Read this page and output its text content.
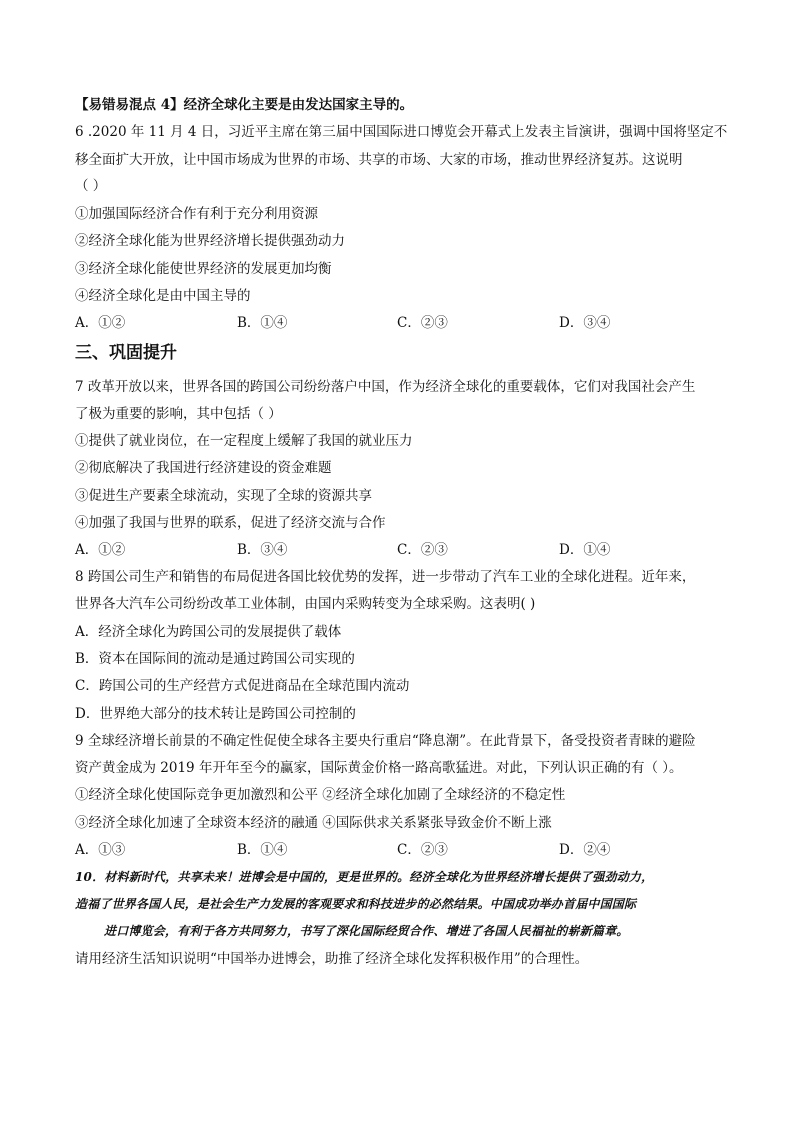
【易错易混点 4】经济全球化主要是由发达国家主导的。
6 .2020 年 11 月 4 日，习近平主席在第三届中国国际进口博览会开幕式上发表主旨演讲，强调中国将坚定不
移全面扩大开放，让中国市场成为世界的市场、共享的市场、大家的市场，推动世界经济复苏。这说明
（ ）
①加强国际经济合作有利于充分利用资源
②经济全球化能为世界经济增长提供强劲动力
③经济全球化能使世界经济的发展更加均衡
④经济全球化是由中国主导的
A．①②	B．①④	C．②③	D．③④
三、巩固提升
7 改革开放以来，世界各国的跨国公司纷纷落户中国，作为经济全球化的重要载体，它们对我国社会产生
了极为重要的影响，其中包括（ ）
①提供了就业岗位，在一定程度上缓解了我国的就业压力
②彻底解决了我国进行经济建设的资金难题
③促进生产要素全球流动，实现了全球的资源共享
④加强了我国与世界的联系，促进了经济交流与合作
A．①②	B．③④	C．②③	D．①④
8 跨国公司生产和销售的布局促进各国比较优势的发挥，进一步带动了汽车工业的全球化进程。近年来，
世界各大汽车公司纷纷改革工业体制，由国内采购转变为全球采购。这表明( )
A．经济全球化为跨国公司的发展提供了载体
B．资本在国际间的流动是通过跨国公司实现的
C．跨国公司的生产经营方式促进商品在全球范围内流动
D．世界绝大部分的技术转让是跨国公司控制的
9 全球经济增长前景的不确定性促使全球各主要央行重启“降息潮”。在此背景下，备受投资者青睐的避险
资产黄金成为 2019 年开年至今的赢家，国际黄金价格一路高歌猛进。对此，下列认识正确的有（ ）。
①经济全球化使国际竞争更加激烈和公平 ②经济全球化加剧了全球经济的不稳定性
③经济全球化加速了全球资本经济的融通 ④国际供求关系紧张导致金价不断上涨
A．①③	B．①④	C．②③	D．②④
10．材料新时代，共享未来！进博会是中国的，更是世界的。经济全球化为世界经济增长提供了强劲动力，
造福了世界各国人民，是社会生产力发展的客观要求和科技进步的必然结果。中国成功举办首届中国国际
进口博览会，有利于各方共同努力，书写了深化国际经贸合作、增进了各国人民福祉的崭新篇章。
请用经济生活知识说明“中国举办进博会，助推了经济全球化发挥积极作用”的合理性。
